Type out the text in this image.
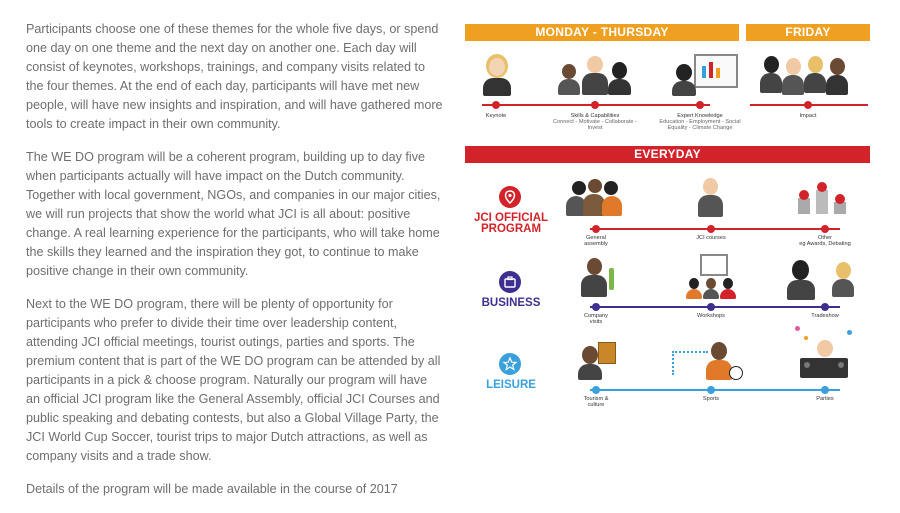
Participants choose one of these themes for the whole five days, or spend one day on one theme and the next day on another one. Each day will consist of keynotes, workshops, trainings, and company visits related to the four themes. At the end of each day, participants will have met new people, will have new insights and inspiration, and will have gathered more tools to create impact in their own community.

The WE DO program will be a coherent program, building up to day five when participants actually will have impact on the Dutch community. Together with local government, NGOs, and companies in our major cities, we will run projects that show the world what JCI is all about: positive change. A real learning experience for the participants, who will take home the skills they learned and the inspiration they got, to continue to make positive change in their own community.

Next to the WE DO program, there will be plenty of opportunity for participants who prefer to divide their time over leadership content, attending JCI official meetings, tourist outings, parties and sports. The premium content that is part of the WE DO program can be attended by all participants in a pick & choose program. Naturally our program will have an official JCI program like the General Assembly, official JCI Courses and public speaking and debating contests, but also a Global Village Party, the JCI World Cup Soccer, tourist trips to major Dutch attractions, as well as company visits and a trade show.

Details of the program will be made available in the course of 2017

MONDAY - THURSDAY	FRIDAY
Keynote	Skills & Capabilities
Connect - Motivate - Collaborate - Invest
Expert Knowledge
Education - Employment - Social Equality - Climate Change
Impact
EVERYDAY
JCI OFFICIAL
PROGRAM
General assembly
JCI courses	Other
eg Awards, Debating
BUSINESS
Company visits
Workshops	Tradeshow
LEISURE
Tourism & culture
Sports	Parties
